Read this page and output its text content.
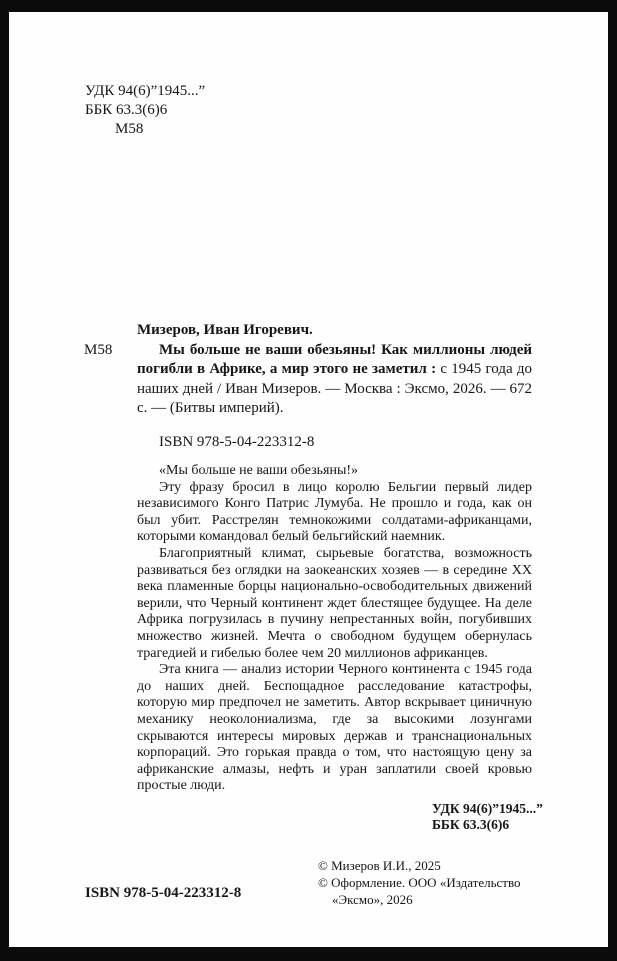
УДК 94(6)”1945...”
ББК 63.3(6)6
М58
Мизеров, Иван Игоревич.
М58	Мы больше не ваши обезьяны! Как миллионы людей погибли в Африке, а мир этого не заметил : с 1945 года до наших дней / Иван Мизеров. — Москва : Эксмо, 2026. — 672 с. — (Битвы империй).

ISBN 978-5-04-223312-8

«Мы больше не ваши обезьяны!»

Эту фразу бросил в лицо королю Бельгии первый лидер независимого Конго Патрис Лумуба. Не прошло и года, как он был убит. Расстрелян темнокожими солдатами-африканцами, которыми командовал белый бельгийский наемник.

Благоприятный климат, сырьевые богатства, возможность развиваться без оглядки на заокеанских хозяев — в середине XX века пламенные борцы национально-освободительных движений верили, что Черный континент ждет блестящее будущее. На деле Африка погрузилась в пучину непрестанных войн, погубивших множество жизней. Мечта о свободном будущем обернулась трагедией и гибелью более чем 20 миллионов африканцев.

Эта книга — анализ истории Черного континента с 1945 года до наших дней. Беспощадное расследование катастрофы, которую мир предпочел не заметить. Автор вскрывает циничную механику неоколониализма, где за высокими лозунгами скрываются интересы мировых держав и транснациональных корпораций. Это горькая правда о том, что настоящую цену за африканские алмазы, нефть и уран заплатили своей кровью простые люди.

УДК 94(6)”1945...”
ББК 63.3(6)6
ISBN 978-5-04-223312-8
© Мизеров И.И., 2025
© Оформление. ООО «Издательство «Эксмо», 2026
